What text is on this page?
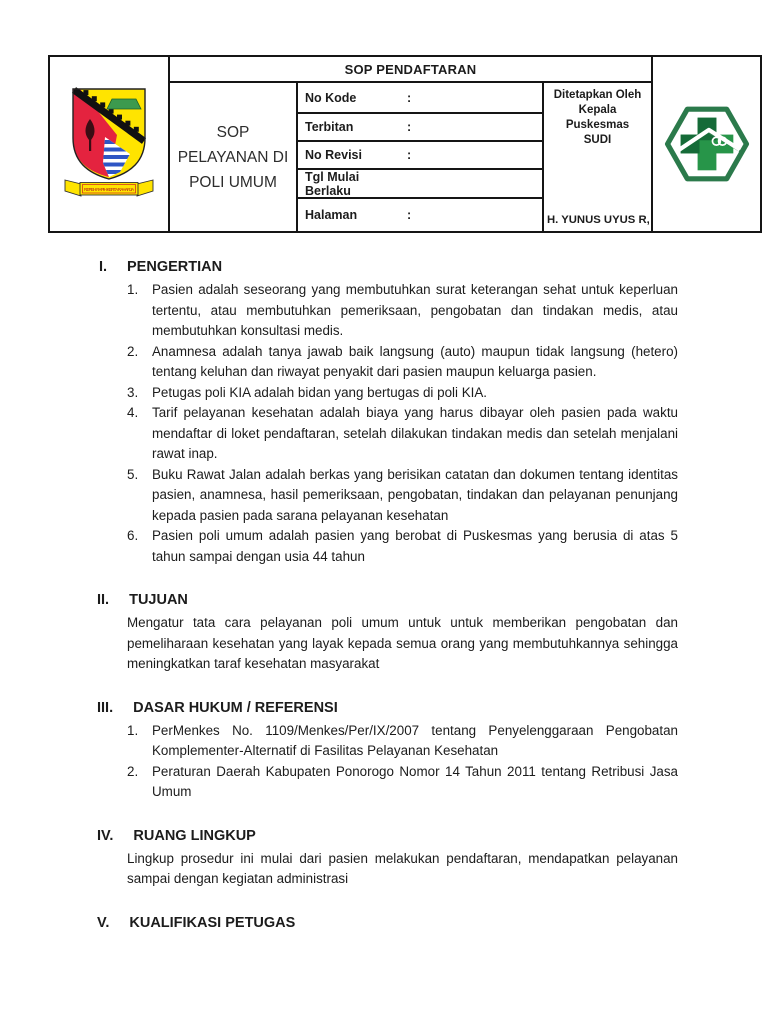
REPEH RAPIH KERTA RAHARJA
SOP PENDAFTARAN
SOP
PELAYANAN DI
POLI UMUM
No Kode	:
Terbitan	:
No Revisi	:
Tgl Mulai Berlaku
Halaman	:
Ditetapkan Oleh
Kepala Puskesmas
SUDI
H. YUNUS UYUS R,
I. PENGERTIAN
1.	Pasien adalah seseorang yang membutuhkan surat keterangan sehat untuk keperluan tertentu, atau membutuhkan pemeriksaan, pengobatan dan tindakan medis, atau membutuhkan konsultasi medis.
2.	Anamnesa adalah tanya jawab baik langsung (auto) maupun tidak langsung (hetero) tentang keluhan dan riwayat penyakit dari pasien maupun keluarga pasien.
3.	Petugas poli KIA adalah bidan yang bertugas di poli KIA.
4.	Tarif pelayanan kesehatan adalah biaya yang harus dibayar oleh pasien pada waktu mendaftar di loket pendaftaran, setelah dilakukan tindakan medis dan setelah menjalani rawat inap.
5.	Buku Rawat Jalan adalah berkas yang berisikan catatan dan dokumen tentang identitas pasien, anamnesa, hasil pemeriksaan, pengobatan, tindakan dan pelayanan penunjang kepada pasien pada sarana pelayanan kesehatan
6.	Pasien poli umum adalah pasien yang berobat di Puskesmas yang berusia di atas 5 tahun sampai dengan usia 44 tahun
II. TUJUAN

Mengatur tata cara pelayanan poli umum untuk untuk memberikan pengobatan dan pemeliharaan kesehatan yang layak kepada semua orang yang membutuhkannya sehingga meningkatkan taraf kesehatan masyarakat

III. DASAR HUKUM / REFERENSI
1.	PerMenkes No. 1109/Menkes/Per/IX/2007 tentang Penyelenggaraan Pengobatan Komplementer-Alternatif di Fasilitas Pelayanan Kesehatan
2.	Peraturan Daerah Kabupaten Ponorogo Nomor 14 Tahun 2011 tentang Retribusi Jasa Umum
IV. RUANG LINGKUP

Lingkup prosedur ini mulai dari pasien melakukan pendaftaran, mendapatkan pelayanan sampai dengan kegiatan administrasi

V. KUALIFIKASI PETUGAS
